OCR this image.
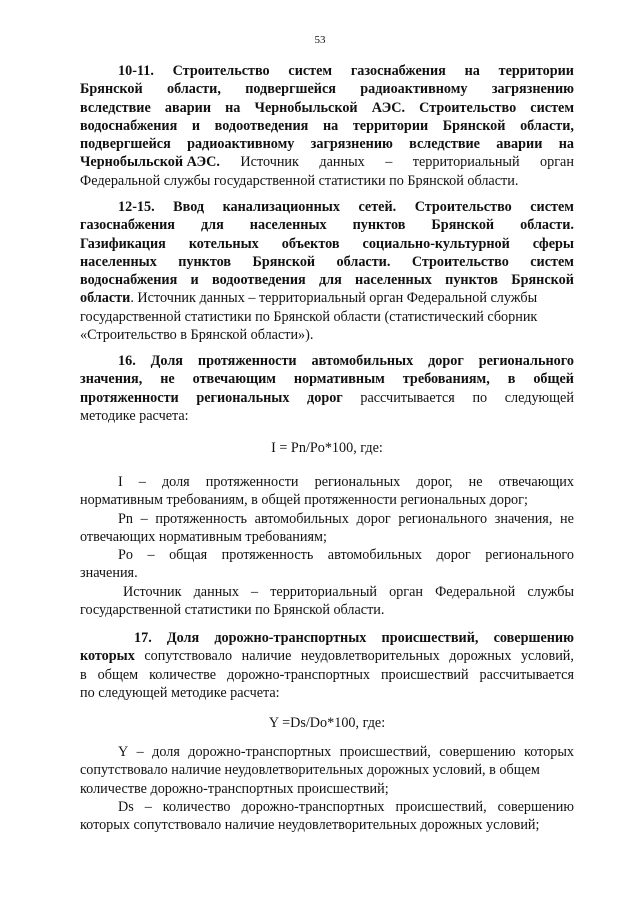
53
10-11. Строительство систем газоснабжения на территории
Брянской области, подвергшейся радиоактивному загрязнению
вследствие аварии на Чернобыльской АЭС. Строительство систем
водоснабжения и водоотведения на территории Брянской области,
подвергшейся радиоактивному загрязнению вследствие аварии на
Чернобыльской АЭС. Источник данных – территориальный орган
Федеральной службы государственной статистики по Брянской области.
12-15. Ввод канализационных сетей. Строительство систем
газоснабжения для населенных пунктов Брянской области.
Газификация котельных объектов социально-культурной сферы
населенных пунктов Брянской области. Строительство систем
водоснабжения и водоотведения для населенных пунктов Брянской
области. Источник данных – территориальный орган Федеральной службы
государственной статистики по Брянской области (статистический сборник
«Строительство в Брянской области»).
16. Доля протяженности автомобильных дорог регионального
значения, не отвечающим нормативным требованиям, в общей
протяженности региональных дорог рассчитывается по следующей
методике расчета:
I = Pn/Po*100, где:
I – доля протяженности региональных дорог, не отвечающих
нормативным требованиям, в общей протяженности региональных дорог;
Pn – протяженность автомобильных дорог регионального значения, не
отвечающих нормативным требованиям;
Po – общая протяженность автомобильных дорог регионального
значения.
Источник данных – территориальный орган Федеральной службы
государственной статистики по Брянской области.
17. Доля дорожно-транспортных происшествий, совершению
которых сопутствовало наличие неудовлетворительных дорожных условий,
в общем количестве дорожно-транспортных происшествий рассчитывается
по следующей методике расчета:
Y =Ds/Do*100, где:
Y – доля дорожно-транспортных происшествий, совершению которых
сопутствовало наличие неудовлетворительных дорожных условий, в общем
количестве дорожно-транспортных происшествий;
Ds – количество дорожно-транспортных происшествий, совершению
которых сопутствовало наличие неудовлетворительных дорожных условий;
